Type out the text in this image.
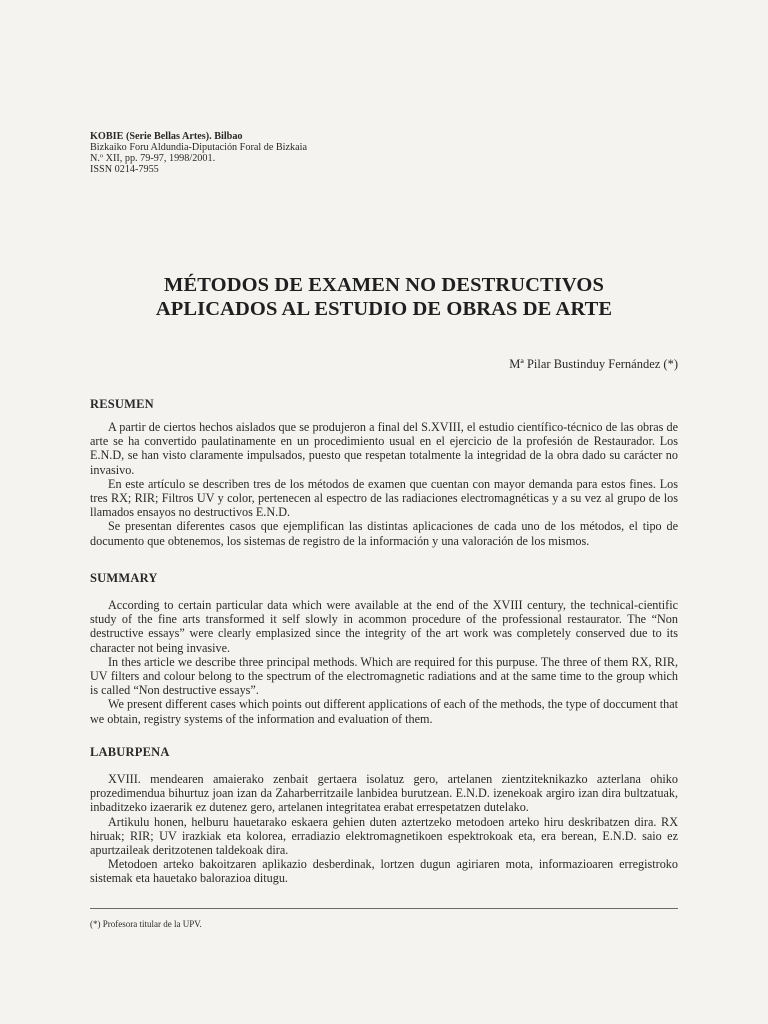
KOBIE (Serie Bellas Artes). Bilbao
Bizkaiko Foru Aldundia-Diputación Foral de Bizkaia
N.º XII, pp. 79-97, 1998/2001.
ISSN 0214-7955
MÉTODOS DE EXAMEN NO DESTRUCTIVOS
APLICADOS AL ESTUDIO DE OBRAS DE ARTE
Mª Pilar Bustinduy Fernández (*)
RESUMEN

A partir de ciertos hechos aislados que se produjeron a final del S.XVIII, el estudio científico-técnico de las obras de arte se ha convertido paulatinamente en un procedimiento usual en el ejercicio de la profesión de Restaurador. Los E.N.D, se han visto claramente impulsados, puesto que respetan totalmente la integridad de la obra dado su carácter no invasivo.

En este artículo se describen tres de los métodos de examen que cuentan con mayor demanda para estos fines. Los tres RX; RIR; Filtros UV y color, pertenecen al espectro de las radiaciones electromagnéticas y a su vez al grupo de los llamados ensayos no destructivos E.N.D.

Se presentan diferentes casos que ejemplifican las distintas aplicaciones de cada uno de los métodos, el tipo de documento que obtenemos, los sistemas de registro de la información y una valoración de los mismos.

SUMMARY

According to certain particular data which were available at the end of the XVIII century, the technical-cientific study of the fine arts transformed it self slowly in acommon procedure of the professional restaurator. The “Non destructive essays” were clearly emplasized since the integrity of the art work was completely conserved due to its character not being invasive.

In thes article we describe three principal methods. Which are required for this purpuse. The three of them RX, RIR, UV filters and colour belong to the spectrum of the electromagnetic radiations and at the same time to the group which is called “Non destructive essays”.

We present different cases which points out different applications of each of the methods, the type of doccument that we obtain, registry systems of the information and evaluation of them.

LABURPENA

XVIII. mendearen amaierako zenbait gertaera isolatuz gero, artelanen zientziteknikazko azterlana ohiko prozedimendua bihurtuz joan izan da Zaharberritzaile lanbidea burutzean. E.N.D. izenekoak argiro izan dira bultzatuak, inbaditzeko izaerarik ez dutenez gero, artelanen integritatea erabat errespetatzen dutelako.

Artikulu honen, helburu hauetarako eskaera gehien duten aztertzeko metodoen arteko hiru deskribatzen dira. RX hiruak; RIR; UV irazkiak eta kolorea, erradiazio elektromagnetikoen espektrokoak eta, era berean, E.N.D. saio ez apurtzaileak deritzotenen taldekoak dira.

Metodoen arteko bakoitzaren aplikazio desberdinak, lortzen dugun agiriaren mota, informazioaren erregistroko sistemak eta hauetako balorazioa ditugu.

(*) Profesora titular de la UPV.
